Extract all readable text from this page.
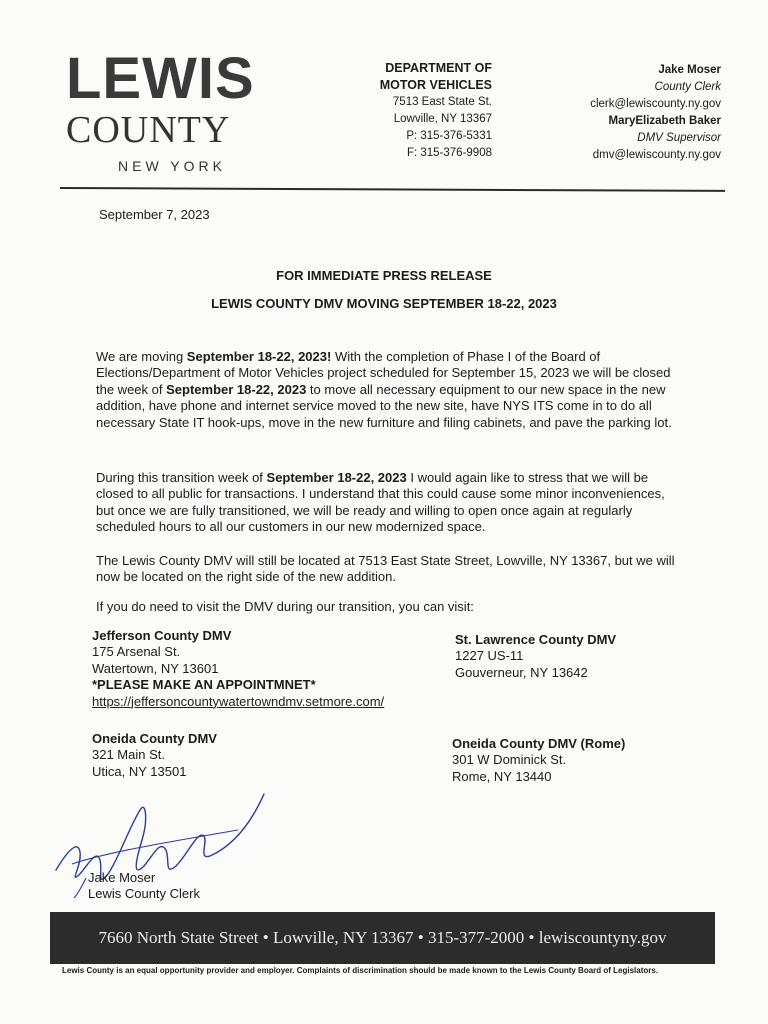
LEWIS
COUNTY
NEW YORK
DEPARTMENT OF
MOTOR VEHICLES
7513 East State St.
Lowville, NY 13367
P: 315-376-5331
F: 315-376-9908
Jake Moser
County Clerk
clerk@lewiscounty.ny.gov
MaryElizabeth Baker
DMV Supervisor
dmv@lewiscounty.ny.gov
September 7, 2023
FOR IMMEDIATE PRESS RELEASE
LEWIS COUNTY DMV MOVING SEPTEMBER 18-22, 2023

We are moving September 18-22, 2023! With the completion of Phase I of the Board of Elections/Department of Motor Vehicles project scheduled for September 15, 2023 we will be closed the week of September 18-22, 2023 to move all necessary equipment to our new space in the new addition, have phone and internet service moved to the new site, have NYS ITS come in to do all necessary State IT hook-ups, move in the new furniture and filing cabinets, and pave the parking lot.

During this transition week of September 18-22, 2023 I would again like to stress that we will be closed to all public for transactions. I understand that this could cause some minor inconveniences, but once we are fully transitioned, we will be ready and willing to open once again at regularly scheduled hours to all our customers in our new modernized space.

The Lewis County DMV will still be located at 7513 East State Street, Lowville, NY 13367, but we will now be located on the right side of the new addition.

If you do need to visit the DMV during our transition, you can visit:

Jefferson County DMV
175 Arsenal St.
Watertown, NY 13601
*PLEASE MAKE AN APPOINTMNET*
https://jeffersoncountywatertowndmv.setmore.com/
St. Lawrence County DMV
1227 US-11
Gouverneur, NY 13642
Oneida County DMV
321 Main St.
Utica, NY 13501
Oneida County DMV (Rome)
301 W Dominick St.
Rome, NY 13440
Jake Moser
Lewis County Clerk
7660 North State Street
•
Lowville, NY 13367
•
315-377-2000
•
lewiscountyny.gov
Lewis County is an equal opportunity provider and employer. Complaints of discrimination should be made known to the Lewis County Board of Legislators.
